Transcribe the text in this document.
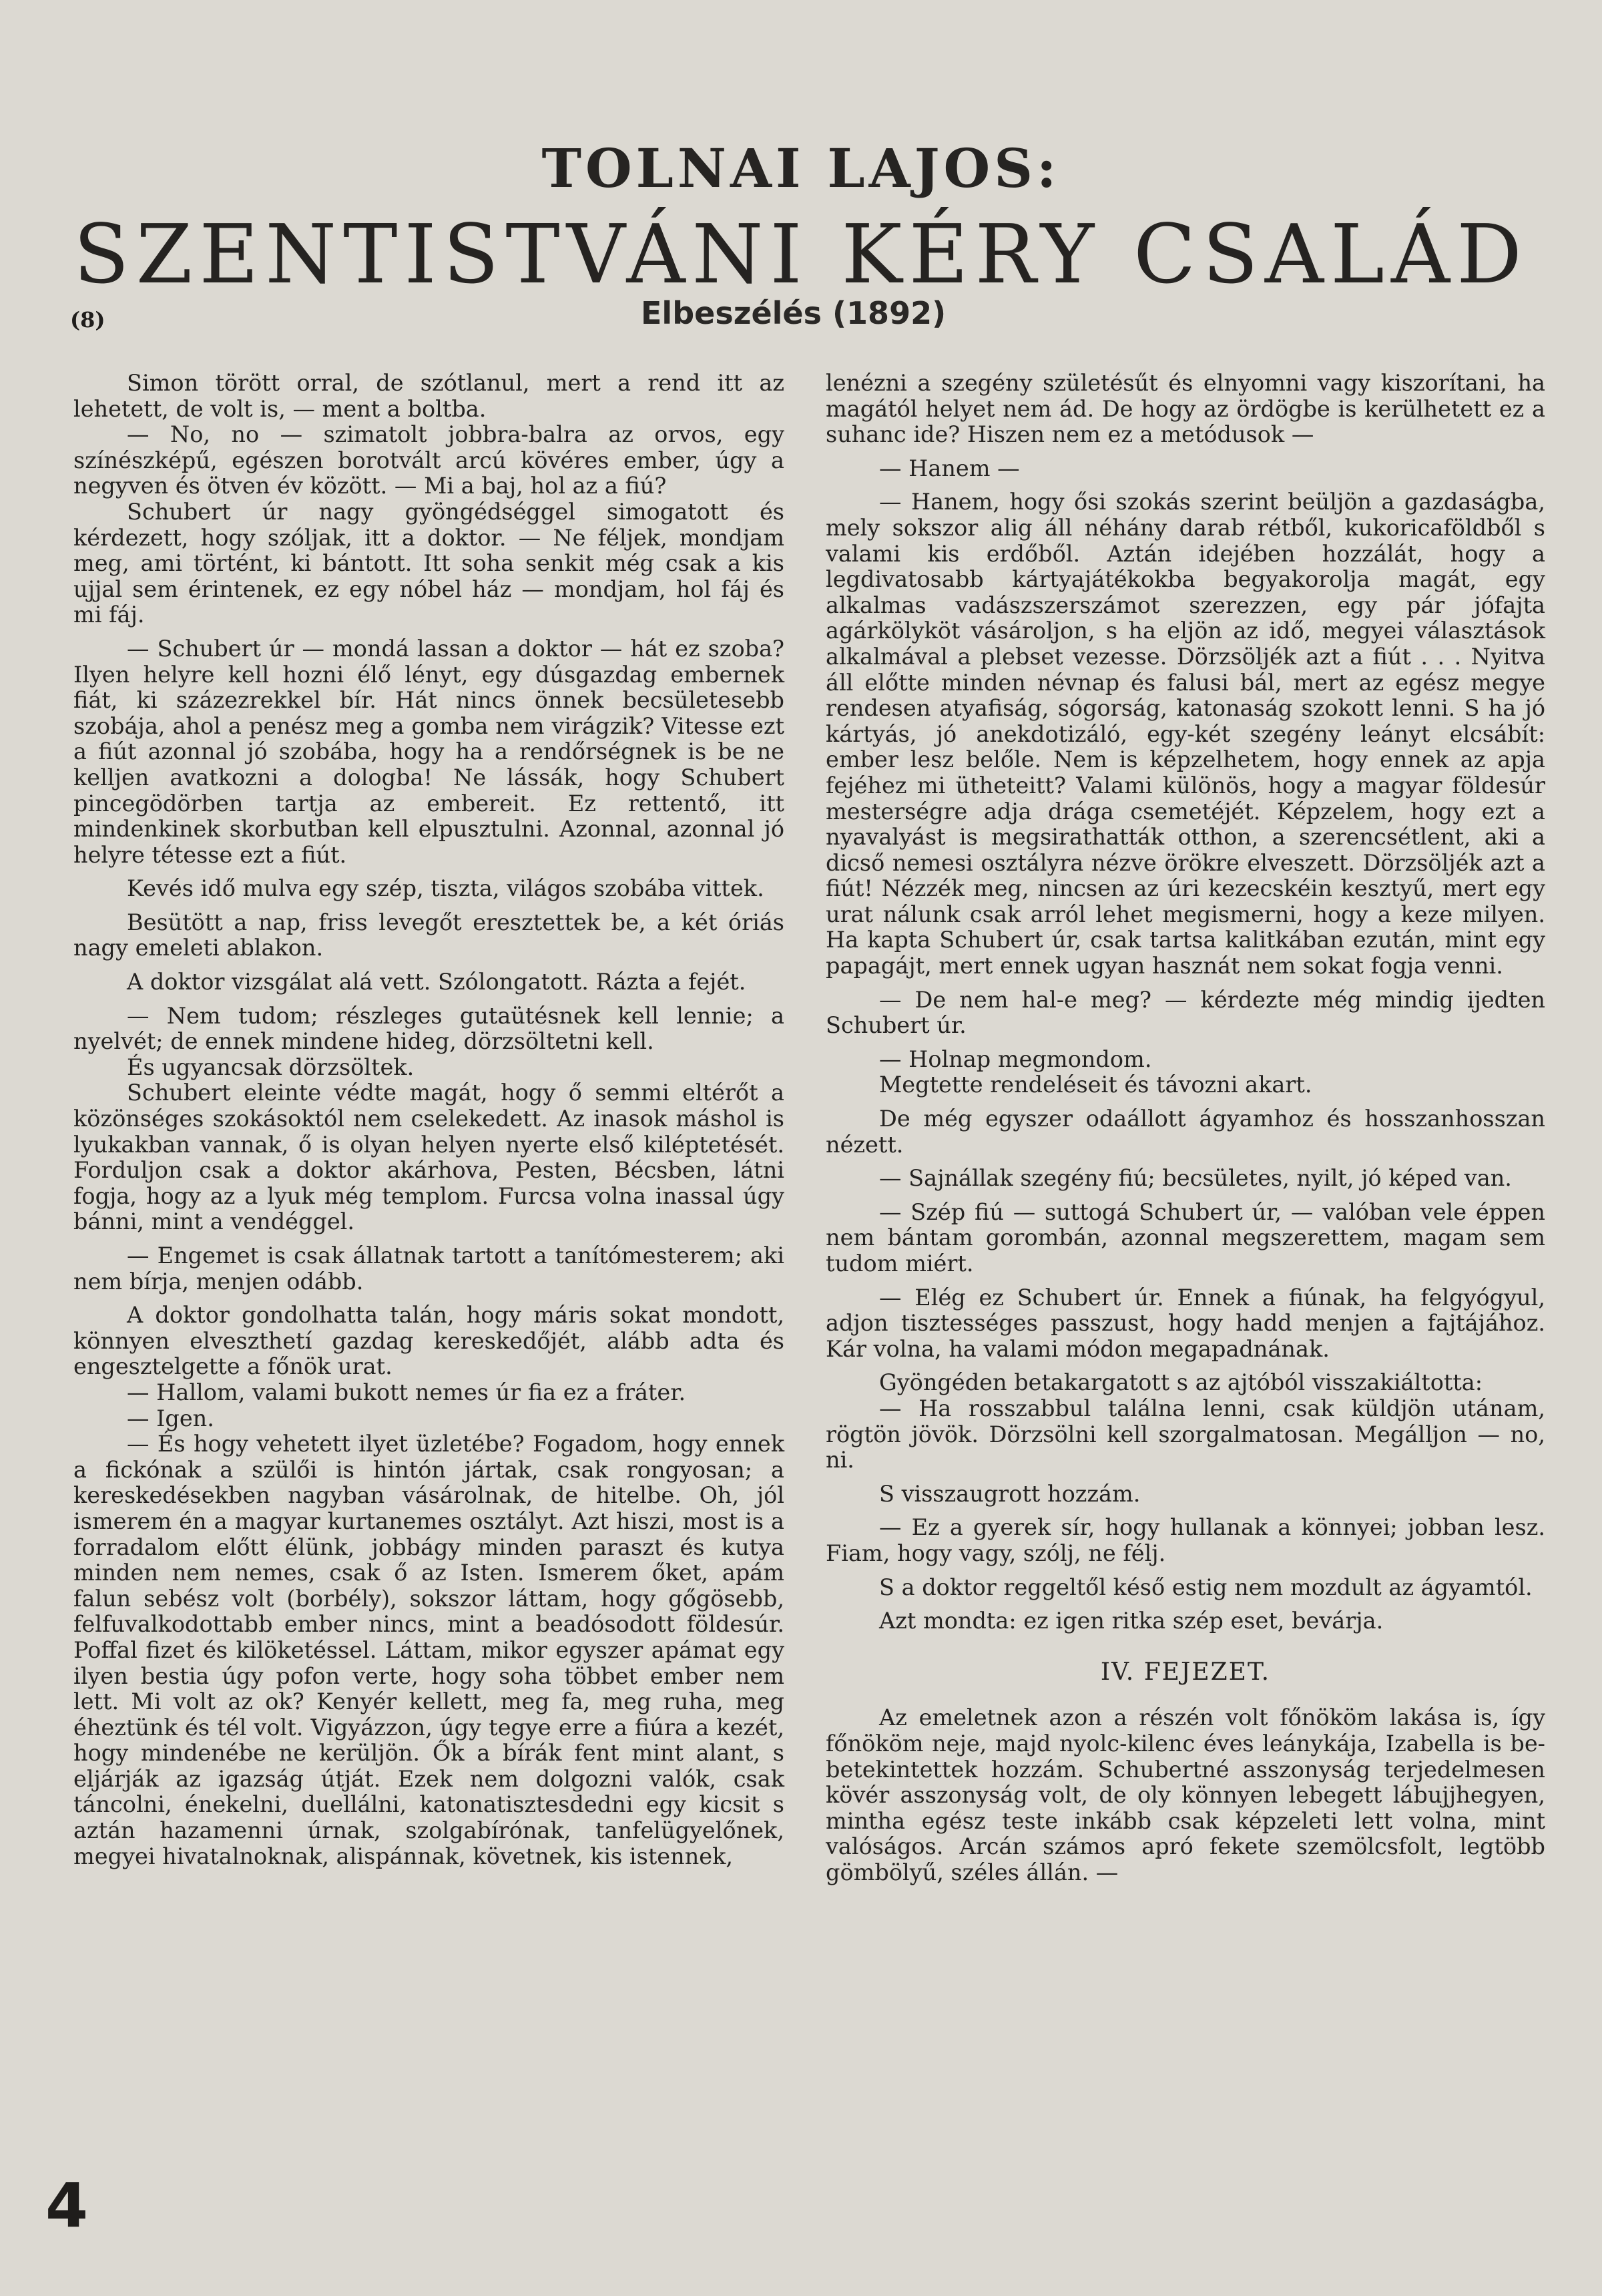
TOLNAI LAJOS:
SZENTISTVÁNI KÉRY CSALÁD
(8)	Elbeszélés (1892)

Simon törött orral, de szótlanul, mert a rend itt az lehetett, de volt is, — ment a boltba.

— No, no — szimatolt jobbra-balra az orvos, egy színészképű, egészen borotvált arcú kövéres ember, úgy a negyven és ötven év között. — Mi a baj, hol az a fiú?

Schubert úr nagy gyöngédséggel simogatott és kérdezett, hogy szóljak, itt a doktor. — Ne féljek, mondjam meg, ami történt, ki bántott. Itt soha senkit még csak a kis ujjal sem érintenek, ez egy nóbel ház — mondjam, hol fáj és mi fáj.

— Schubert úr — mondá lassan a doktor — hát ez szoba? Ilyen helyre kell hozni élő lényt, egy dúsgazdag embernek fiát, ki százezrekkel bír. Hát nincs önnek becsületesebb szobája, ahol a penész meg a gomba nem virágzik? Vitesse ezt a fiút azonnal jó szobába, hogy ha a rendőrségnek is be ne kelljen avatkozni a dologba! Ne lássák, hogy Schubert pincegödörben tartja az embereit. Ez rettentő, itt mindenkinek skorbutban kell elpusztulni. Azonnal, azonnal jó helyre tétesse ezt a fiút.

Kevés idő mulva egy szép, tiszta, világos szobába vittek.

Besütött a nap, friss levegőt eresztettek be, a két óriás nagy emeleti ablakon.

A doktor vizsgálat alá vett. Szólongatott. Rázta a fejét.

— Nem tudom; részleges gutaütésnek kell lennie; a nyelvét; de ennek mindene hideg, dörzsöltetni kell.

És ugyancsak dörzsöltek.

Schubert eleinte védte magát, hogy ő semmi eltérőt a közönséges szokásoktól nem cselekedett. Az inasok máshol is lyukakban vannak, ő is olyan helyen nyerte első kiléptetését. Forduljon csak a doktor akárhova, Pesten, Bécsben, látni fogja, hogy az a lyuk még templom. Furcsa volna inassal úgy bánni, mint a vendéggel.

— Engemet is csak állatnak tartott a tanítómesterem; aki nem bírja, menjen odább.

A doktor gondolhatta talán, hogy máris sokat mondott, könnyen elveszthetí gazdag kereskedőjét, alább adta és engesztelgette a főnök urat.

— Hallom, valami bukott nemes úr fia ez a fráter.

— Igen.

— És hogy vehetett ilyet üzletébe? Fogadom, hogy ennek a fickónak a szülői is hintón jártak, csak rongyosan; a kereskedésekben nagyban vásárolnak, de hitelbe. Oh, jól ismerem én a magyar kurtanemes osztályt. Azt hiszi, most is a forradalom előtt élünk, jobbágy minden paraszt és kutya minden nem nemes, csak ő az Isten. Ismerem őket, apám falun sebész volt (borbély), sokszor láttam, hogy gőgösebb, felfuvalkodottabb ember nincs, mint a beadósodott földesúr. Poffal fizet és kilöketéssel. Láttam, mikor egyszer apámat egy ilyen bestia úgy pofon verte, hogy soha többet ember nem lett. Mi volt az ok? Kenyér kellett, meg fa, meg ruha, meg éheztünk és tél volt. Vigyázzon, úgy tegye erre a fiúra a kezét, hogy mindenébe ne kerüljön. Ők a bírák fent mint alant, s eljárják az igazság útját. Ezek nem dolgozni valók, csak táncolni, énekelni, duellálni, katonatisztesdedni egy kicsit s aztán hazamenni úrnak, szolgabírónak, tanfelügyelőnek, megyei hivatalnoknak, alispánnak, követnek, kis istennek,

lenézni a szegény születésűt és elnyomni vagy kiszorítani, ha magától helyet nem ád. De hogy az ördögbe is kerülhetett ez a suhanc ide? Hiszen nem ez a metódusok —

— Hanem —

— Hanem, hogy ősi szokás szerint beüljön a gazdaságba, mely sokszor alig áll néhány darab rétből, kukoricaföldből s valami kis erdőből. Aztán idejében hozzálát, hogy a legdivatosabb kártyajátékokba begyakorolja magát, egy alkalmas vadászszerszámot szerezzen, egy pár jófajta agárkölyköt vásároljon, s ha eljön az idő, megyei választások alkalmával a plebset vezesse. Dörzsöljék azt a fiút . . . Nyitva áll előtte minden névnap és falusi bál, mert az egész megye rendesen atyafiság, sógorság, katonaság szokott lenni. S ha jó kártyás, jó anekdotizáló, egy-két szegény leányt elcsábít: ember lesz belőle. Nem is képzelhetem, hogy ennek az apja fejéhez mi ütheteitt? Valami különös, hogy a magyar földesúr mesterségre adja drága csemetéjét. Képzelem, hogy ezt a nyavalyást is megsirathatták otthon, a szerencsétlent, aki a dicső nemesi osztályra nézve örökre elveszett. Dörzsöljék azt a fiút! Nézzék meg, nincsen az úri kezecskéin kesztyű, mert egy urat nálunk csak arról lehet megismerni, hogy a keze milyen. Ha kapta Schubert úr, csak tartsa kalitkában ezután, mint egy papagájt, mert ennek ugyan hasznát nem sokat fogja venni.

— De nem hal-e meg? — kérdezte még mindig ijedten Schubert úr.

— Holnap megmondom.

Megtette rendeléseit és távozni akart.

De még egyszer odaállott ágyamhoz és hosszanhosszan nézett.

— Sajnállak szegény fiú; becsületes, nyilt, jó képed van.

— Szép fiú — suttogá Schubert úr, — valóban vele éppen nem bántam gorombán, azonnal megszerettem, magam sem tudom miért.

— Elég ez Schubert úr. Ennek a fiúnak, ha felgyógyul, adjon tisztességes passzust, hogy hadd menjen a fajtájához. Kár volna, ha valami módon megapadnának.

Gyöngéden betakargatott s az ajtóból visszakiáltotta:

— Ha rosszabbul találna lenni, csak küldjön utánam, rögtön jövök. Dörzsölni kell szorgalmatosan. Megálljon — no, ni.

S visszaugrott hozzám.

— Ez a gyerek sír, hogy hullanak a könnyei; jobban lesz. Fiam, hogy vagy, szólj, ne félj.

S a doktor reggeltől késő estig nem mozdult az ágyamtól.

Azt mondta: ez igen ritka szép eset, bevárja.

IV. FEJEZET.

Az emeletnek azon a részén volt főnököm lakása is, így főnököm neje, majd nyolc-kilenc éves leánykája, Izabella is be-betekintettek hozzám. Schubertné asszonyság terjedelmesen kövér asszonyság volt, de oly könnyen lebegett lábujjhegyen, mintha egész teste inkább csak képzeleti lett volna, mint valóságos. Arcán számos apró fekete szemölcsfolt, legtöbb gömbölyű, széles állán. —

4
